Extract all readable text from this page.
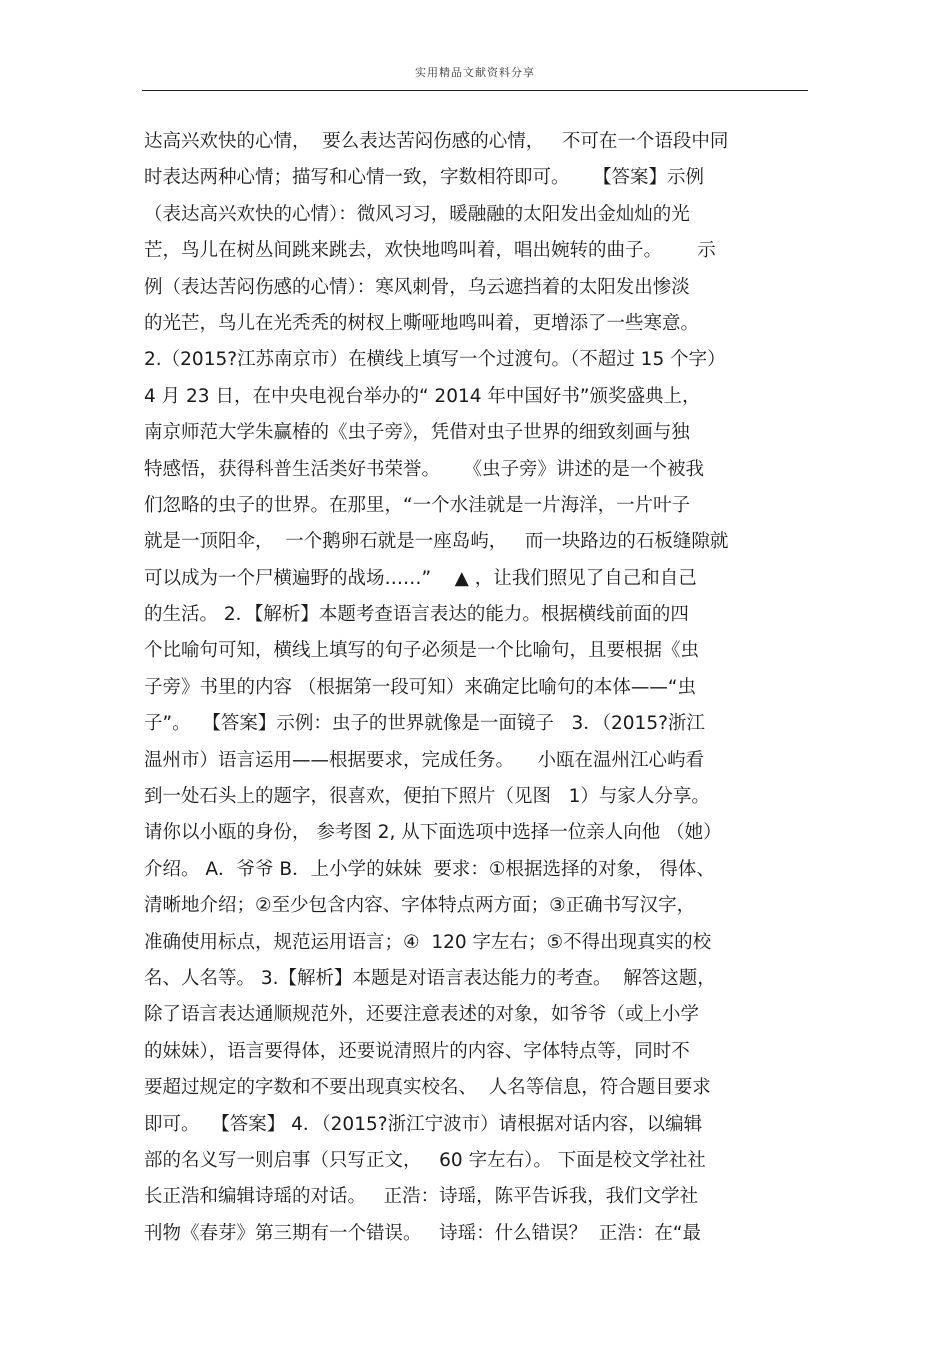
实用精品文献资料分享
达高兴欢快的心情，  要么表达苦闷伤感的心情，   不可在一个语段中同
时表达两种心情；描写和心情一致，字数相符即可。    【答案】示例
（表达高兴欢快的心情）：微风习习，暖融融的太阳发出金灿灿的光
芒，鸟儿在树丛间跳来跳去，欢快地鸣叫着，唱出婉转的曲子。      示
例（表达苦闷伤感的心情）：寒风刺骨，乌云遮挡着的太阳发出惨淡
的光芒，鸟儿在光秃秃的树杈上嘶哑地鸣叫着，更增添了一些寒意。
2.（2015?江苏南京市）在横线上填写一个过渡句。（不超过 15 个字）
4 月 23 日，在中央电视台举办的“ 2014 年中国好书”颁奖盛典上，
南京师范大学朱赢椿的《虫子旁》，凭借对虫子世界的细致刻画与独
特感悟，获得科普生活类好书荣誉。    《虫子旁》讲述的是一个被我
们忽略的虫子的世界。在那里，“一个水洼就是一片海洋，一片叶子
就是一顶阳伞，  一个鹅卵石就是一座岛屿，   而一块路边的石板缝隙就
可以成为一个尸横遍野的战场……”    ▲ ，让我们照见了自己和自己
的生活。 2．【解析】本题考查语言表达的能力。根据横线前面的四
个比喻句可知，横线上填写的句子必须是一个比喻句，且要根据《虫
子旁》书里的内容 （根据第一段可知）来确定比喻句的本体——“虫
子”。  【答案】示例：虫子的世界就像是一面镜子   3．（2015?浙江
温州市）语言运用——根据要求，完成任务。    小瓯在温州江心屿看
到一处石头上的题字，很喜欢，便拍下照片（见图   1）与家人分享。
请你以小瓯的身份， 参考图 2, 从下面选项中选择一位亲人向他 （她）
介绍。 A．爷爷 B．上小学的妹妹  要求：①根据选择的对象， 得体、
清晰地介绍；②至少包含内容、字体特点两方面；③正确书写汉字，
准确使用标点，规范运用语言；④  120 字左右；⑤不得出现真实的校
名、人名等。 3.【解析】本题是对语言表达能力的考查。  解答这题，
除了语言表达通顺规范外，还要注意表述的对象，如爷爷（或上小学
的妹妹），语言要得体，还要说清照片的内容、字体特点等，同时不
要超过规定的字数和不要出现真实校名、  人名等信息，符合题目要求
即可。  【答案】 4．（2015?浙江宁波市）请根据对话内容，以编辑
部的名义写一则启事（只写正文，   60 字左右）。 下面是校文学社社
长正浩和编辑诗瑶的对话。   正浩：诗瑶，陈平告诉我，我们文学社
刊物《春芽》第三期有一个错误。   诗瑶：什么错误？  正浩：在“最
